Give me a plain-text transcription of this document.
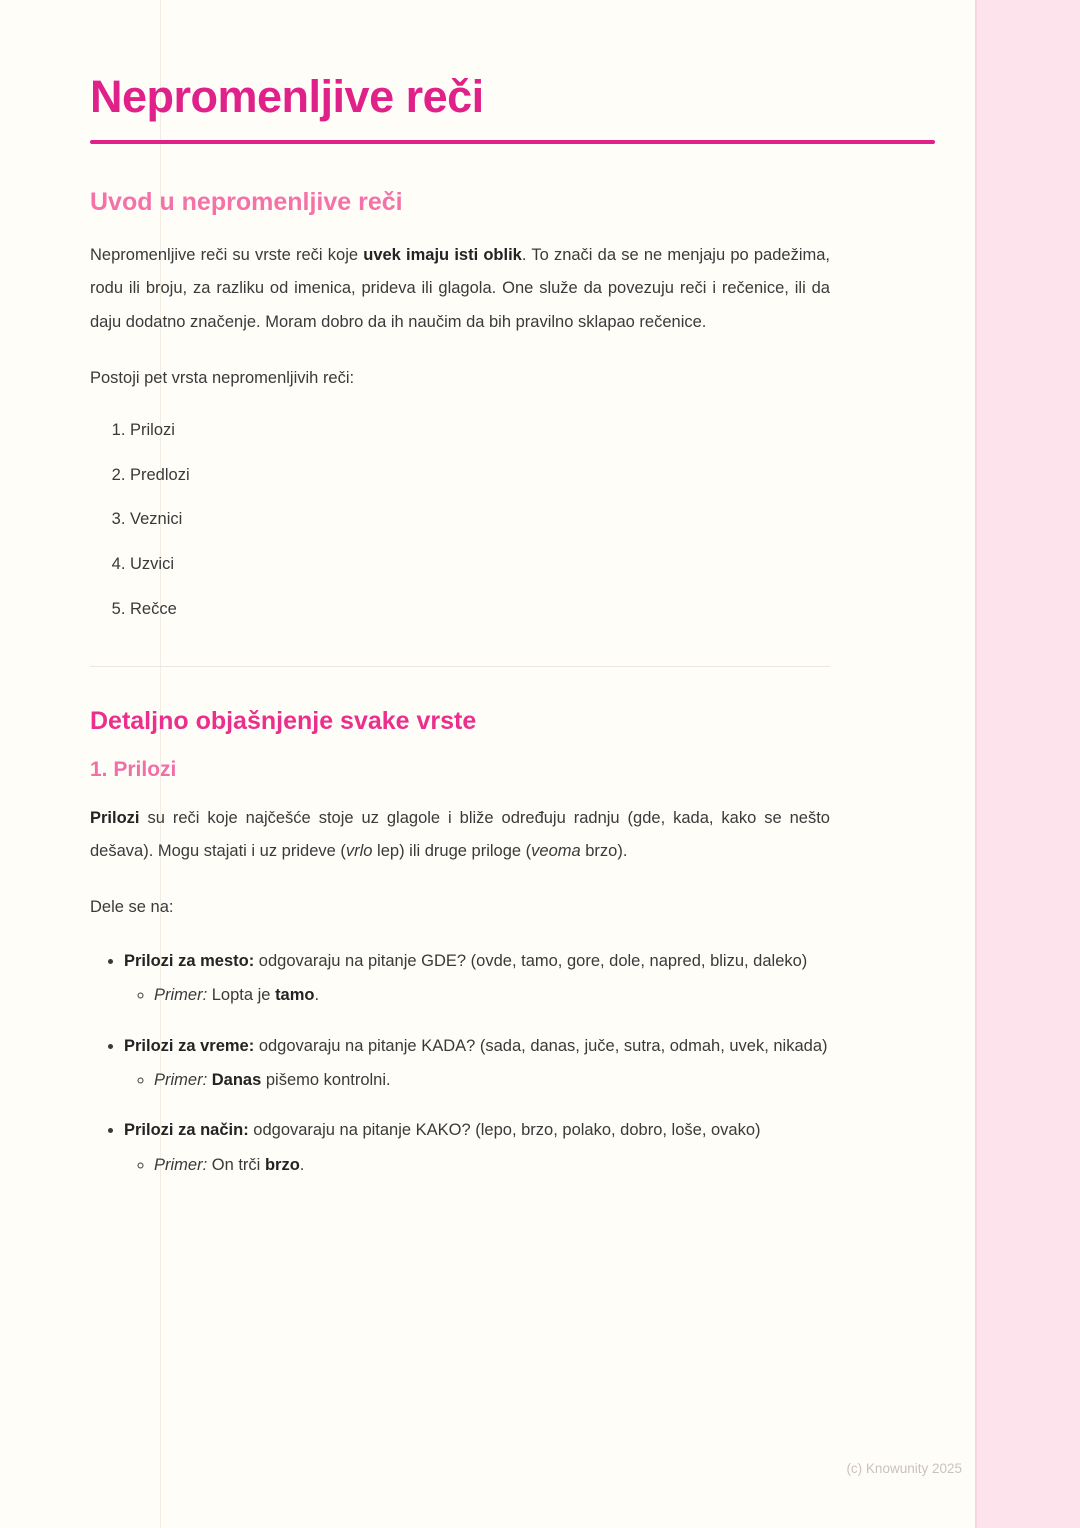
Nepromenljive reči
Uvod u nepromenljive reči

Nepromenljive reči su vrste reči koje uvek imaju isti oblik. To znači da se ne menjaju po padežima, rodu ili broju, za razliku od imenica, prideva ili glagola. One služe da povezuju reči i rečenice, ili da daju dodatno značenje. Moram dobro da ih naučim da bih pravilno sklapao rečenice.

Postoji pet vrsta nepromenljivih reči:

1. Prilozi
2. Predlozi
3. Veznici
4. Uzvici
5. Rečce
Detaljno objašnjenje svake vrste
1. Prilozi

Prilozi su reči koje najčešće stoje uz glagole i bliže određuju radnju (gde, kada, kako se nešto dešava). Mogu stajati i uz prideve (vrlo lep) ili druge priloge (veoma brzo).

Dele se na:

• Prilozi za mesto: odgovaraju na pitanje GDE? (ovde, tamo, gore, dole, napred, blizu, daleko)
◦ Primer: Lopta je tamo.
• Prilozi za vreme: odgovaraju na pitanje KADA? (sada, danas, juče, sutra, odmah, uvek, nikada)
◦ Primer: Danas pišemo kontrolni.
• Prilozi za način: odgovaraju na pitanje KAKO? (lepo, brzo, polako, dobro, loše, ovako)
◦ Primer: On trči brzo.
(c) Knowunity 2025
